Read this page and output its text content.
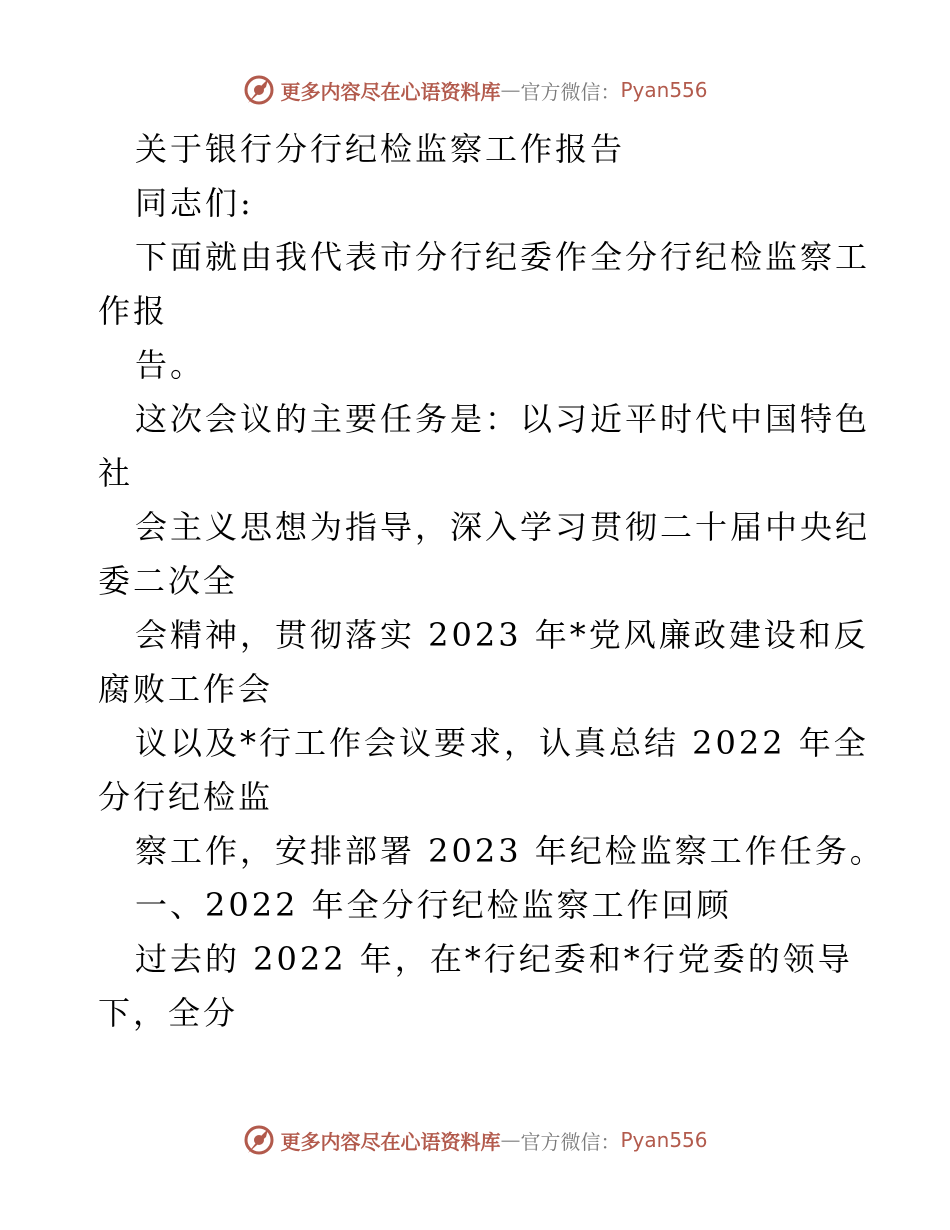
更多内容尽在心语资料库 — 官方微信： Pyan556
关于银行分行纪检监察工作报告
同志们:
下面就由我代表市分行纪委作全分行纪检监察工
作报
告。
这次会议的主要任务是：以习近平时代中国特色
社
会主义思想为指导，深入学习贯彻二十届中央纪
委二次全
会精神，贯彻落实 2023 年*党风廉政建设和反
腐败工作会
议以及*行工作会议要求，认真总结 2022 年全
分行纪检监
察工作，安排部署 2023 年纪检监察工作任务。
一、2022 年全分行纪检监察工作回顾
过去的 2022 年，在*行纪委和*行党委的领导
下，全分
更多内容尽在心语资料库 — 官方微信： Pyan556
